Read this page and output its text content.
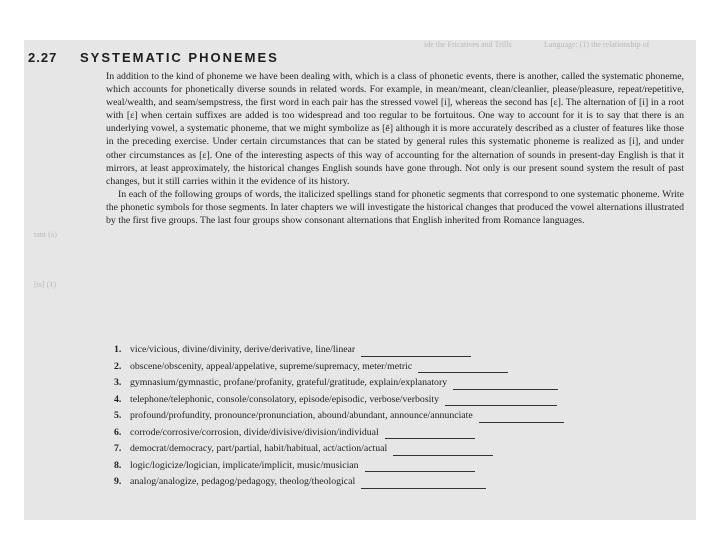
ide the Fricatives and Trills	Language: (1) the relationship of
tant (a)
[ts] (1)
2.27 SYSTEMATIC PHONEMES

In addition to the kind of phoneme we have been dealing with, which is a class of phonetic events, there is another, called the systematic phoneme, which accounts for phonetically diverse sounds in related words. For example, in mean/meant, clean/cleanlier, please/pleasure, repeat/repetitive, weal/wealth, and seam/sempstress, the first word in each pair has the stressed vowel [i], whereas the second has [ɛ]. The alternation of [i] in a root with [ɛ] when certain suffixes are added is too widespread and too regular to be fortuitous. One way to account for it is to say that there is an underlying vowel, a systematic phoneme, that we might symbolize as [ē] although it is more accurately described as a cluster of features like those in the preceding exercise. Under certain circumstances that can be stated by general rules this systematic phoneme is realized as [i], and under other circumstances as [ɛ]. One of the interesting aspects of this way of accounting for the alternation of sounds in present-day English is that it mirrors, at least approximately, the historical changes English sounds have gone through. Not only is our present sound system the result of past changes, but it still carries within it the evidence of its history.

In each of the following groups of words, the italicized spellings stand for phonetic segments that correspond to one systematic phoneme. Write the phonetic symbols for those segments. In later chapters we will investigate the historical changes that produced the vowel alternations illustrated by the first five groups. The last four groups show consonant alternations that English inherited from Romance languages.

1. vice/vicious, divine/divinity, derive/derivative, line/linear
2. obscene/obscenity, appeal/appelative, supreme/supremacy, meter/metric
3. gymnasium/gymnastic, profane/profanity, grateful/gratitude, explain/explanatory
4. telephone/telephonic, console/consolatory, episode/episodic, verbose/verbosity
5. profound/profundity, pronounce/pronunciation, abound/abundant, announce/annunciate
6. corrode/corrosive/corrosion, divide/divisive/division/individual
7. democrat/democracy, part/partial, habit/habitual, act/action/actual
8. logic/logicize/logician, implicate/implicit, music/musician
9. analog/analogize, pedagog/pedagogy, theolog/theological
